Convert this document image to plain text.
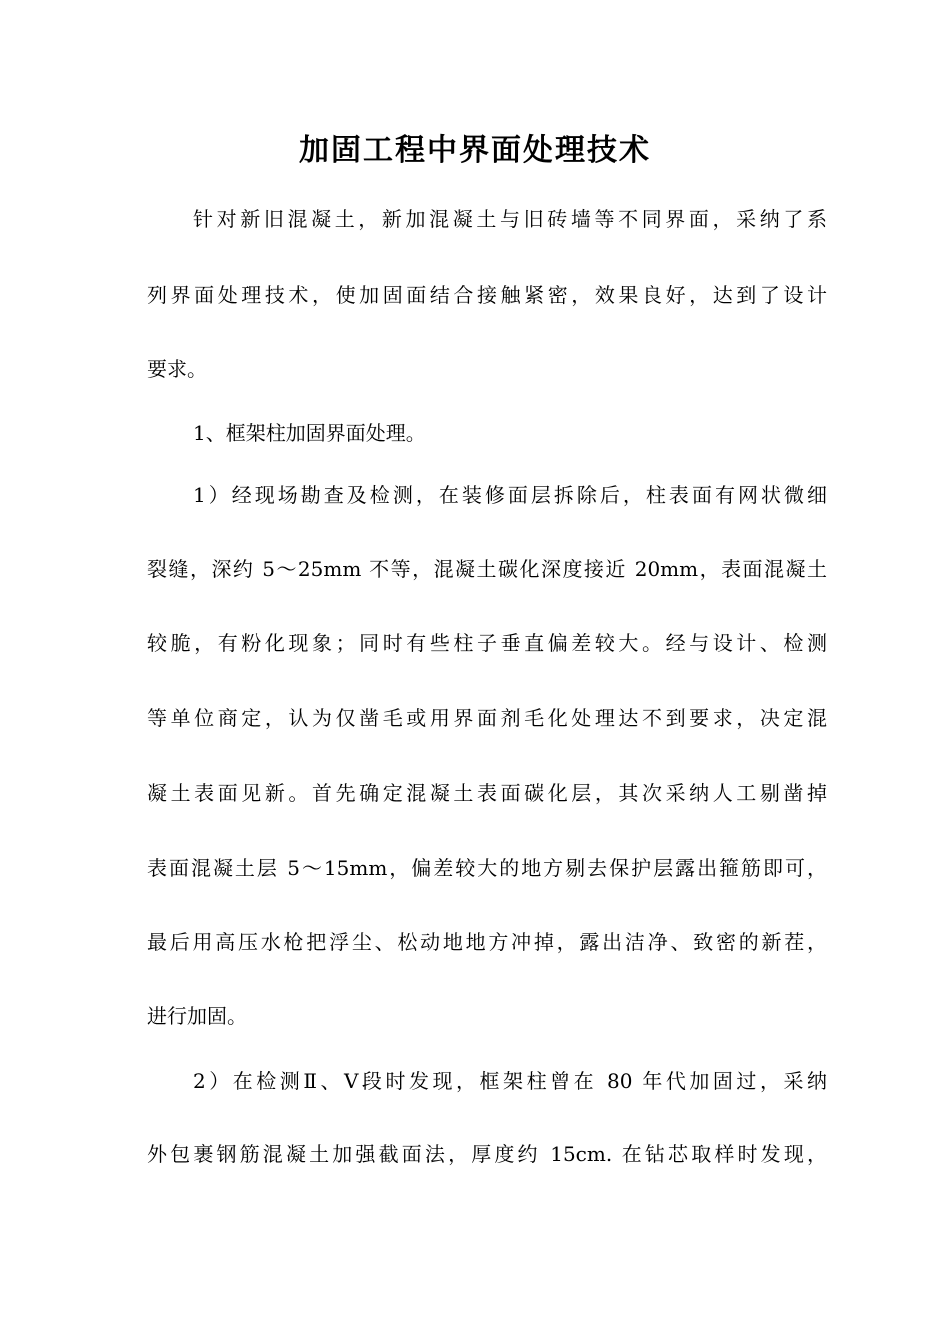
加固工程中界面处理技术
针对新旧混凝土，新加混凝土与旧砖墙等不同界面，采纳了系
列界面处理技术，使加固面结合接触紧密，效果良好，达到了设计
要求。
1、框架柱加固界面处理。
1）经现场勘查及检测，在装修面层拆除后，柱表面有网状微细
裂缝，深约 5～25mm 不等，混凝土碳化深度接近 20mm，表面混凝土
较脆，有粉化现象；同时有些柱子垂直偏差较大。经与设计、检测
等单位商定，认为仅凿毛或用界面剂毛化处理达不到要求，决定混
凝土表面见新。首先确定混凝土表面碳化层，其次采纳人工剔凿掉
表面混凝土层 5～15mm，偏差较大的地方剔去保护层露出箍筋即可，
最后用高压水枪把浮尘、松动地地方冲掉，露出洁净、致密的新茬，
进行加固。
2）在检测Ⅱ、Ⅴ段时发现，框架柱曾在 80 年代加固过，采纳
外包裹钢筋混凝土加强截面法，厚度约 15cm. 在钻芯取样时发现，
